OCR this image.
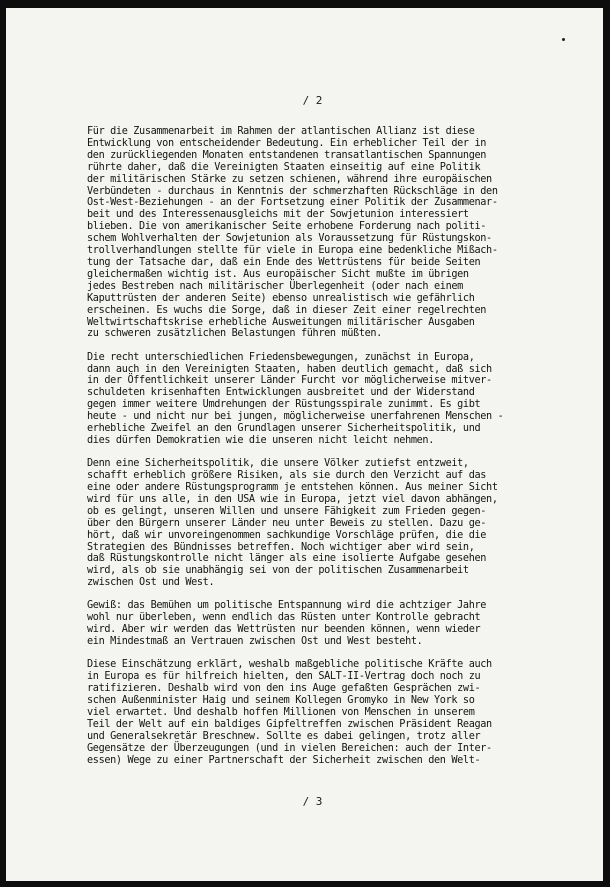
/ 2
Für die Zusammenarbeit im Rahmen der atlantischen Allianz ist diese
Entwicklung von entscheidender Bedeutung. Ein erheblicher Teil der in
den zurückliegenden Monaten entstandenen transatlantischen Spannungen
rührte daher, daß die Vereinigten Staaten einseitig auf eine Politik
der militärischen Stärke zu setzen schienen, während ihre europäischen
Verbündeten - durchaus in Kenntnis der schmerzhaften Rückschläge in den
Ost-West-Beziehungen - an der Fortsetzung einer Politik der Zusammenar-
beit und des Interessenausgleichs mit der Sowjetunion interessiert
blieben. Die von amerikanischer Seite erhobene Forderung nach politi-
schem Wohlverhalten der Sowjetunion als Voraussetzung für Rüstungskon-
trollverhandlungen stellte für viele in Europa eine bedenkliche Mißach-
tung der Tatsache dar, daß ein Ende des Wettrüstens für beide Seiten
gleichermaßen wichtig ist. Aus europäischer Sicht mußte im übrigen
jedes Bestreben nach militärischer Überlegenheit (oder nach einem
Kaputtrüsten der anderen Seite) ebenso unrealistisch wie gefährlich
erscheinen. Es wuchs die Sorge, daß in dieser Zeit einer regelrechten
Weltwirtschaftskrise erhebliche Ausweitungen militärischer Ausgaben
zu schweren zusätzlichen Belastungen führen müßten.
Die recht unterschiedlichen Friedensbewegungen, zunächst in Europa,
dann auch in den Vereinigten Staaten, haben deutlich gemacht, daß sich
in der Öffentlichkeit unserer Länder Furcht vor möglicherweise mitver-
schuldeten krisenhaften Entwicklungen ausbreitet und der Widerstand
gegen immer weitere Umdrehungen der Rüstungsspirale zunimmt. Es gibt
heute - und nicht nur bei jungen, möglicherweise unerfahrenen Menschen -
erhebliche Zweifel an den Grundlagen unserer Sicherheitspolitik, und
dies dürfen Demokratien wie die unseren nicht leicht nehmen.
Denn eine Sicherheitspolitik, die unsere Völker zutiefst entzweit,
schafft erheblich größere Risiken, als sie durch den Verzicht auf das
eine oder andere Rüstungsprogramm je entstehen können. Aus meiner Sicht
wird für uns alle, in den USA wie in Europa, jetzt viel davon abhängen,
ob es gelingt, unseren Willen und unsere Fähigkeit zum Frieden gegen-
über den Bürgern unserer Länder neu unter Beweis zu stellen. Dazu ge-
hört, daß wir unvoreingenommen sachkundige Vorschläge prüfen, die die
Strategien des Bündnisses betreffen. Noch wichtiger aber wird sein,
daß Rüstungskontrolle nicht länger als eine isolierte Aufgabe gesehen
wird, als ob sie unabhängig sei von der politischen Zusammenarbeit
zwischen Ost und West.
Gewiß: das Bemühen um politische Entspannung wird die achtziger Jahre
wohl nur überleben, wenn endlich das Rüsten unter Kontrolle gebracht
wird. Aber wir werden das Wettrüsten nur beenden können, wenn wieder
ein Mindestmaß an Vertrauen zwischen Ost und West besteht.
Diese Einschätzung erklärt, weshalb maßgebliche politische Kräfte auch
in Europa es für hilfreich hielten, den SALT-II-Vertrag doch noch zu
ratifizieren. Deshalb wird von den ins Auge gefaßten Gesprächen zwi-
schen Außenminister Haig und seinem Kollegen Gromyko in New York so
viel erwartet. Und deshalb hoffen Millionen von Menschen in unserem
Teil der Welt auf ein baldiges Gipfeltreffen zwischen Präsident Reagan
und Generalsekretär Breschnew. Sollte es dabei gelingen, trotz aller
Gegensätze der Überzeugungen (und in vielen Bereichen: auch der Inter-
essen) Wege zu einer Partnerschaft der Sicherheit zwischen den Welt-
/ 3
